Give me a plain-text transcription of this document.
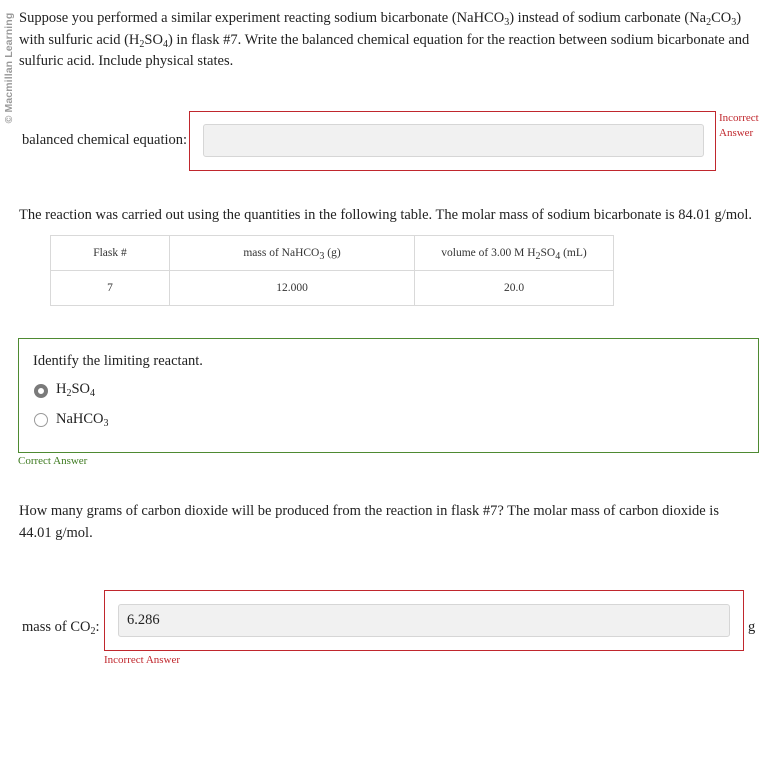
© Macmillan Learning Suppose you performed a similar experiment reacting sodium bicarbonate (NaHCO$_3$) instead of sodium carbonate $(Na_2CO_3)$ with sulfuric acid $(H_2SO_4)$ in flask #7. Write the balanced chemical equation for the reaction between sodium bicarbonate and sulfuric acid. Include physical states.
balanced chemical equation:
Incorrect Answer
The reaction was carried out using the quantities in the following table. The molar mass of sodium bicarbonate is 84.01 g/mol.
Flask #	mass of NaHCO$_3$ (g)	volume of 3.00 M $H_2SO_4$ (mL)
7	12.000	20.0
Identify the limiting reactant.
$H_2SO_4$
NaHCO$_3$
Correct Answer
How many grams of carbon dioxide will be produced from the reaction in flask #7? The molar mass of carbon dioxide is 44.01 g/mol.
mass of $CO_2$:	6.286	g
Incorrect Answer
